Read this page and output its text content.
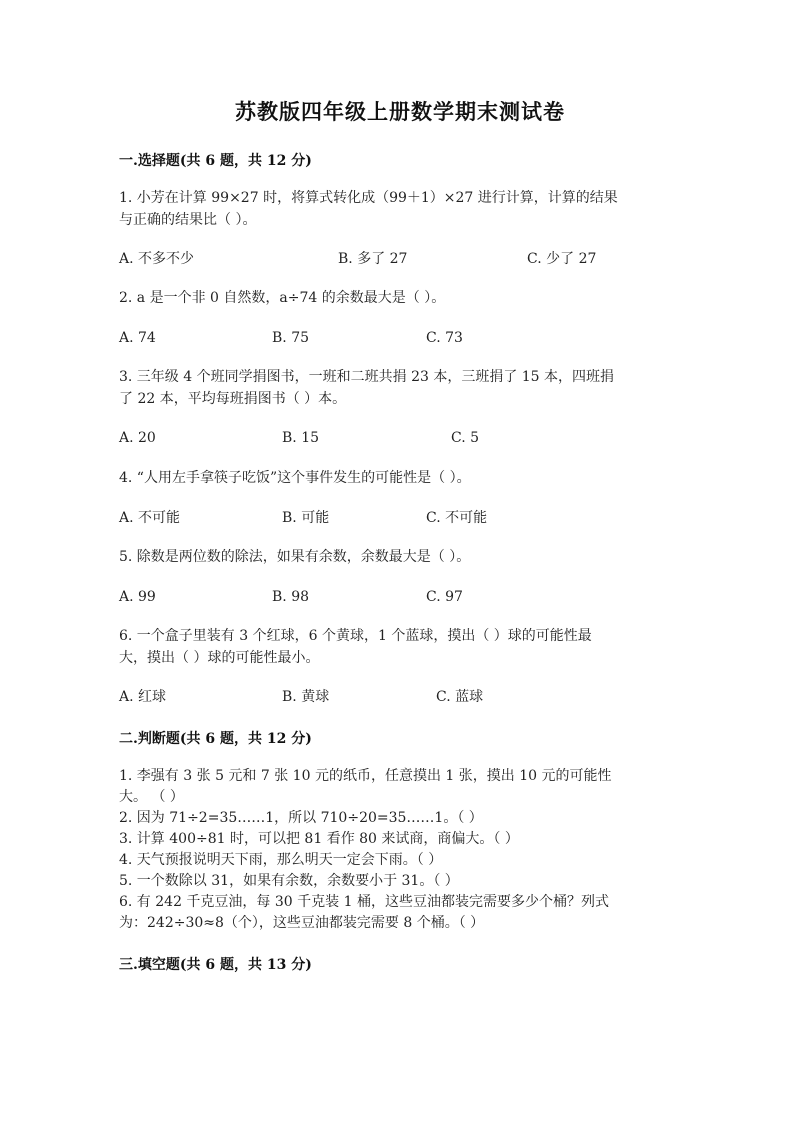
苏教版四年级上册数学期末测试卷
一.选择题(共 6 题，共 12 分)
1. 小芳在计算 99×27 时，将算式转化成（99＋1）×27 进行计算，计算的结果
与正确的结果比（ ）。
A. 不多不少	B. 多了 27	C. 少了 27
2. a 是一个非 0 自然数，a÷74 的余数最大是（ ）。
A. 74	B. 75	C. 73
3. 三年级 4 个班同学捐图书，一班和二班共捐 23 本，三班捐了 15 本，四班捐
了 22 本，平均每班捐图书（ ）本。
A. 20	B. 15	C. 5
4. “人用左手拿筷子吃饭”这个事件发生的可能性是（ ）。
A. 不可能	B. 可能	C. 不可能
5. 除数是两位数的除法，如果有余数，余数最大是（ ）。
A. 99	B. 98	C. 97
6. 一个盒子里装有 3 个红球，6 个黄球，1 个蓝球，摸出（ ）球的可能性最
大，摸出（ ）球的可能性最小。
A. 红球	B. 黄球	C. 蓝球
二.判断题(共 6 题，共 12 分)
1. 李强有 3 张 5 元和 7 张 10 元的纸币，任意摸出 1 张，摸出 10 元的可能性
大。 （ ）
2. 因为 71÷2=35……1，所以 710÷20=35……1。（ ）
3. 计算 400÷81 时，可以把 81 看作 80 来试商，商偏大。（ ）
4. 天气预报说明天下雨，那么明天一定会下雨。（ ）
5. 一个数除以 31，如果有余数，余数要小于 31。（ ）
6. 有 242 千克豆油，每 30 千克装 1 桶，这些豆油都装完需要多少个桶？列式
为：242÷30≈8（个），这些豆油都装完需要 8 个桶。（ ）
三.填空题(共 6 题，共 13 分)
